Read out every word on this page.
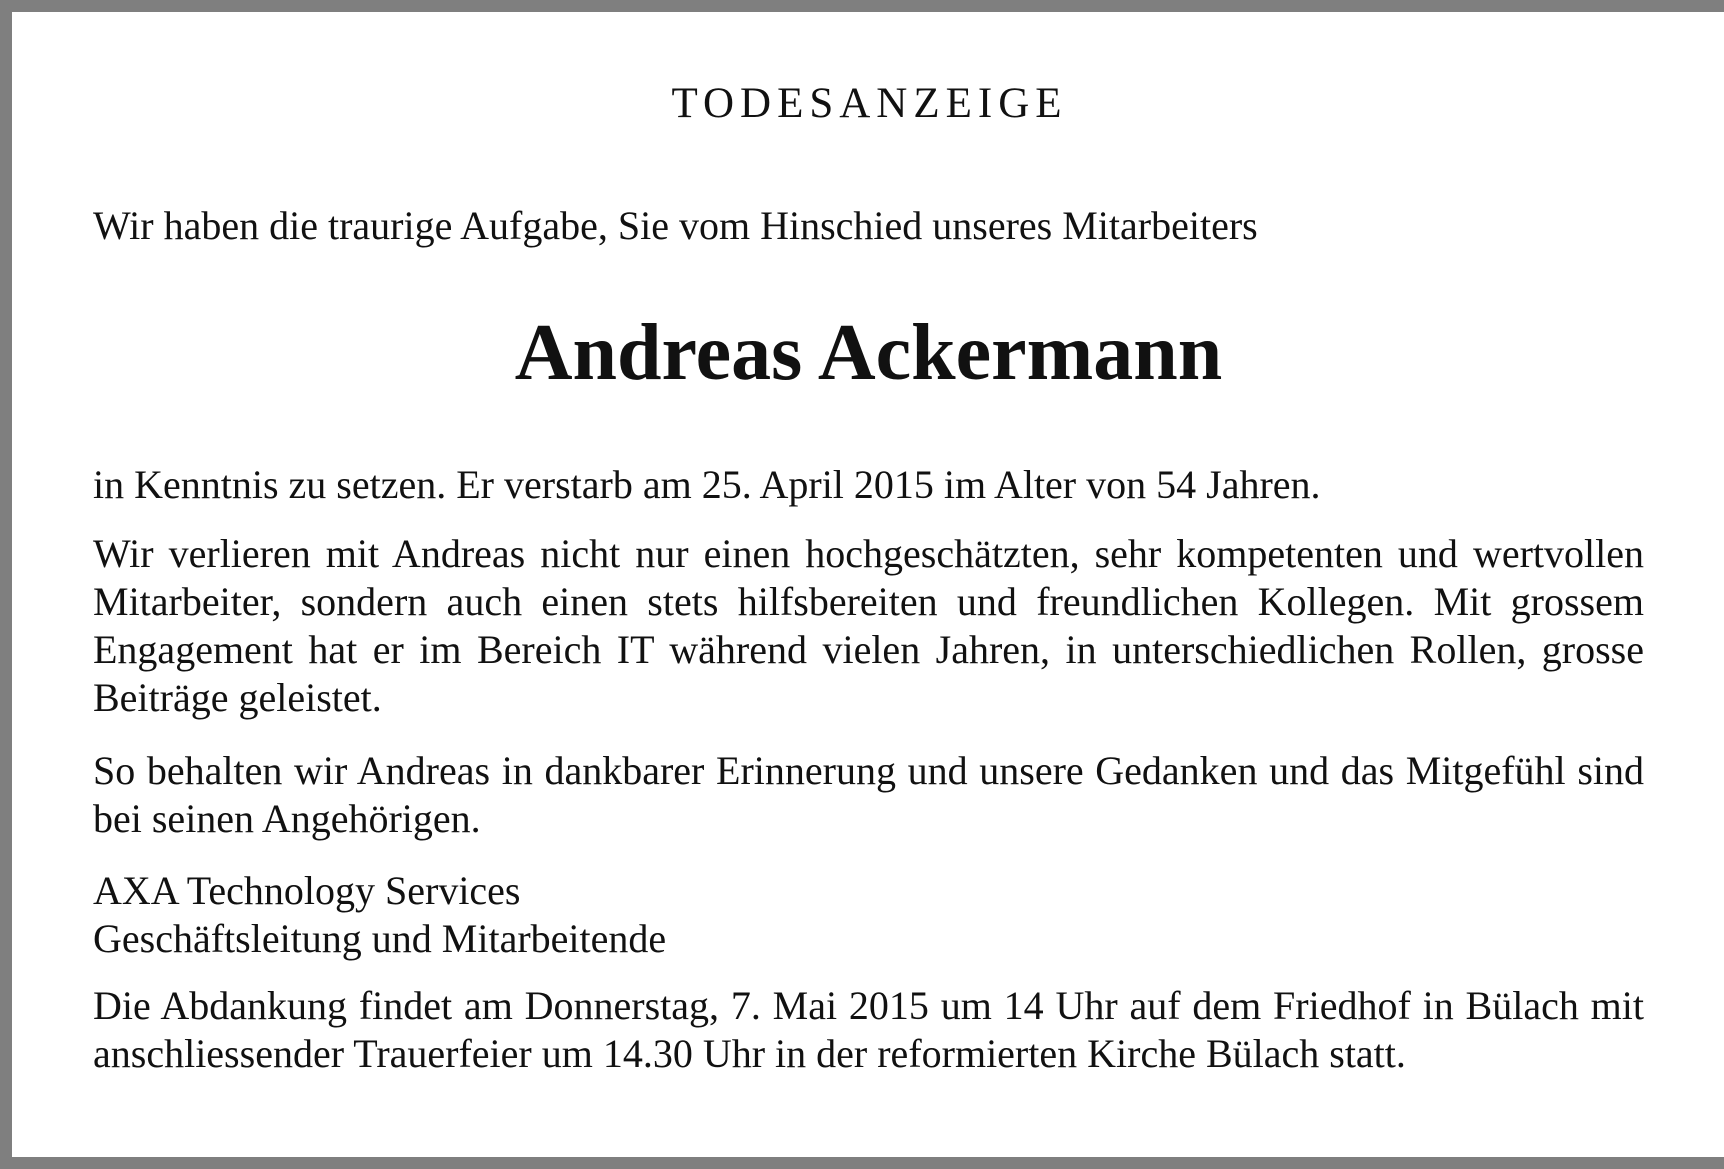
TODESANZEIGE
Wir haben die traurige Aufgabe, Sie vom Hinschied unseres Mitarbeiters
Andreas Ackermann
in Kenntnis zu setzen. Er verstarb am 25. April 2015 im Alter von 54 Jahren.
Wir verlieren mit Andreas nicht nur einen hochgeschätzten, sehr kompetenten und wertvollen Mitarbeiter, sondern auch einen stets hilfsbereiten und freundlichen Kollegen. Mit grossem Engagement hat er im Bereich IT während vielen Jahren, in unterschiedlichen Rollen, grosse Beiträge geleistet.
So behalten wir Andreas in dankbarer Erinnerung und unsere Gedanken und das Mitgefühl sind bei seinen Angehörigen.
AXA Technology Services
Geschäftsleitung und Mitarbeitende
Die Abdankung findet am Donnerstag, 7. Mai 2015 um 14 Uhr auf dem Friedhof in Bülach mit anschliessender Trauerfeier um 14.30 Uhr in der reformierten Kirche Bülach statt.
